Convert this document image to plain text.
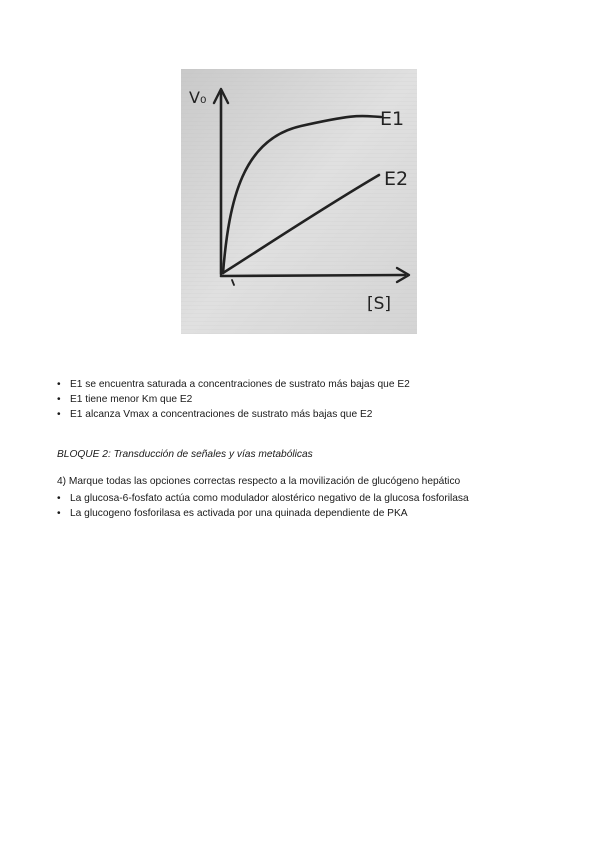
V₀
[S]
E1
E2
• E1 se encuentra saturada a concentraciones de sustrato más bajas que E2
• E1 tiene menor Km que E2
• E1 alcanza Vmax a concentraciones de sustrato más bajas que E2
BLOQUE 2: Transducción de señales y vías metabólicas
4) Marque todas las opciones correctas respecto a la movilización de glucógeno hepático
• La glucosa-6-fosfato actúa como modulador alostérico negativo de la glucosa fosforilasa
• La glucogeno fosforilasa es activada por una quinada dependiente de PKA
